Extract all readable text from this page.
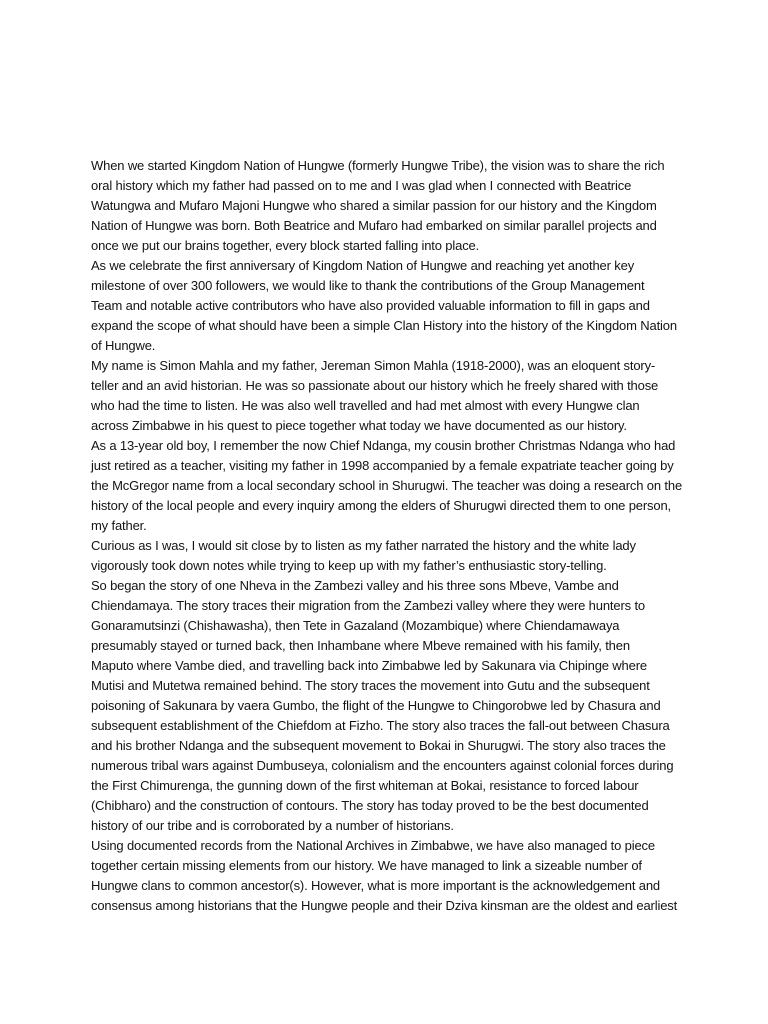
When we started Kingdom Nation of Hungwe (formerly Hungwe Tribe), the vision was to share the rich
oral history which my father had passed on to me and I was glad when I connected with Beatrice
Watungwa and Mufaro Majoni Hungwe who shared a similar passion for our history and the Kingdom
Nation of Hungwe was born. Both Beatrice and Mufaro had embarked on similar parallel projects and
once we put our brains together, every block started falling into place.
As we celebrate the first anniversary of Kingdom Nation of Hungwe and reaching yet another key
milestone of over 300 followers, we would like to thank the contributions of the Group Management
Team and notable active contributors who have also provided valuable information to fill in gaps and
expand the scope of what should have been a simple Clan History into the history of the Kingdom Nation
of Hungwe.
My name is Simon Mahla and my father, Jereman Simon Mahla (1918-2000), was an eloquent story-
teller and an avid historian. He was so passionate about our history which he freely shared with those
who had the time to listen. He was also well travelled and had met almost with every Hungwe clan
across Zimbabwe in his quest to piece together what today we have documented as our history.
As a 13-year old boy, I remember the now Chief Ndanga, my cousin brother Christmas Ndanga who had
just retired as a teacher, visiting my father in 1998 accompanied by a female expatriate teacher going by
the McGregor name from a local secondary school in Shurugwi. The teacher was doing a research on the
history of the local people and every inquiry among the elders of Shurugwi directed them to one person,
my father.
Curious as I was, I would sit close by to listen as my father narrated the history and the white lady
vigorously took down notes while trying to keep up with my father’s enthusiastic story-telling.
So began the story of one Nheva in the Zambezi valley and his three sons Mbeve, Vambe and
Chiendamaya. The story traces their migration from the Zambezi valley where they were hunters to
Gonaramutsinzi (Chishawasha), then Tete in Gazaland (Mozambique) where Chiendamawaya
presumably stayed or turned back, then Inhambane where Mbeve remained with his family, then
Maputo where Vambe died, and travelling back into Zimbabwe led by Sakunara via Chipinge where
Mutisi and Mutetwa remained behind. The story traces the movement into Gutu and the subsequent
poisoning of Sakunara by vaera Gumbo, the flight of the Hungwe to Chingorobwe led by Chasura and
subsequent establishment of the Chiefdom at Fizho. The story also traces the fall-out between Chasura
and his brother Ndanga and the subsequent movement to Bokai in Shurugwi. The story also traces the
numerous tribal wars against Dumbuseya, colonialism and the encounters against colonial forces during
the First Chimurenga, the gunning down of the first whiteman at Bokai, resistance to forced labour
(Chibharo) and the construction of contours. The story has today proved to be the best documented
history of our tribe and is corroborated by a number of historians.
Using documented records from the National Archives in Zimbabwe, we have also managed to piece
together certain missing elements from our history. We have managed to link a sizeable number of
Hungwe clans to common ancestor(s). However, what is more important is the acknowledgement and
consensus among historians that the Hungwe people and their Dziva kinsman are the oldest and earliest
